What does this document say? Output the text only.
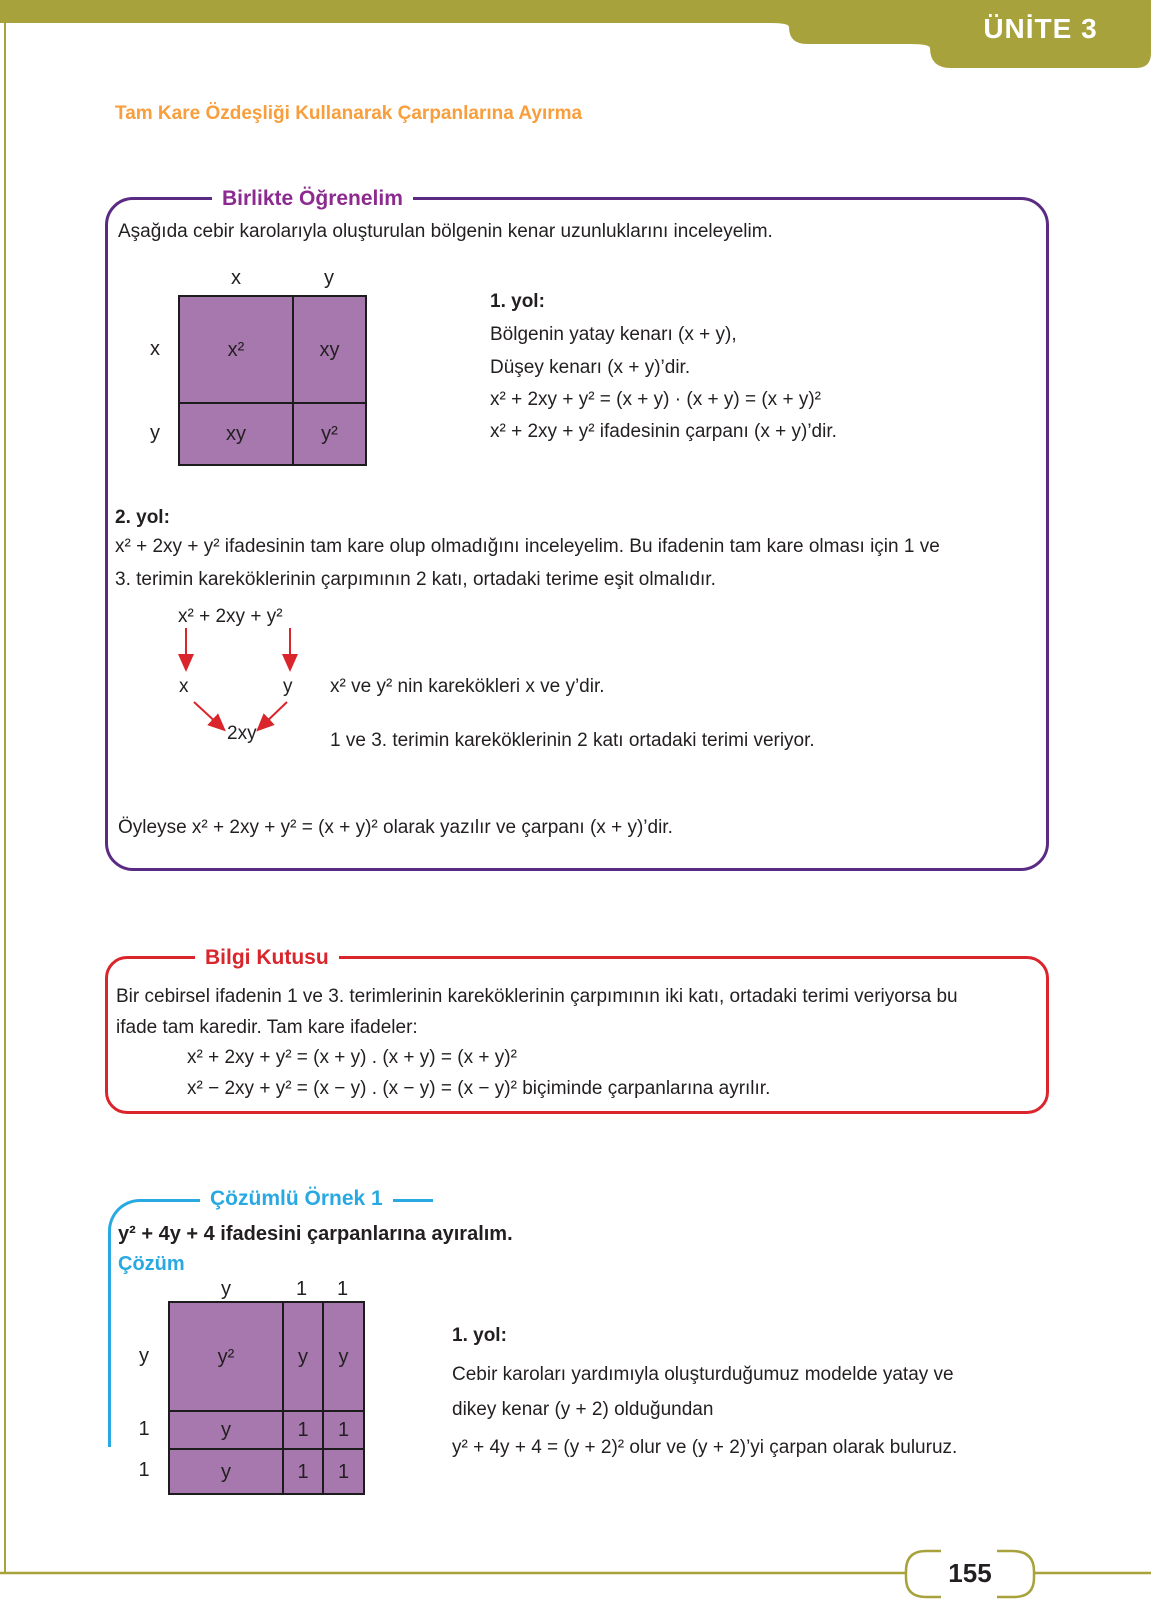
ÜNİTE 3
Tam Kare Özdeşliği Kullanarak Çarpanlarına Ayırma
Birlikte Öğrenelim
Aşağıda cebir karolarıyla oluşturulan bölgenin kenar uzunluklarını inceleyelim.
x	y
x
y
x²	xy
xy	y²
1. yol:
Bölgenin yatay kenarı (x + y),
Düşey kenarı (x + y)’dir.
x² + 2xy + y² = (x + y) · (x + y) = (x + y)²
x² + 2xy + y² ifadesinin çarpanı (x + y)’dir.
2. yol:
x² + 2xy + y² ifadesinin tam kare olup olmadığını inceleyelim. Bu ifadenin tam kare olması için 1 ve
3. terimin kareköklerinin çarpımının 2 katı, ortadaki terime eşit olmalıdır.
x² + 2xy + y²
x	y x² ve y² nin karekökleri x ve y’dir.
2xy	1 ve 3. terimin kareköklerinin 2 katı ortadaki terimi veriyor.
Öyleyse x² + 2xy + y² = (x + y)² olarak yazılır ve çarpanı (x + y)’dir.
Bilgi Kutusu
Bir cebirsel ifadenin 1 ve 3. terimlerinin kareköklerinin çarpımının iki katı, ortadaki terimi veriyorsa bu
ifade tam karedir. Tam kare ifadeler:
x² + 2xy + y² = (x + y) . (x + y) = (x + y)²
x² − 2xy + y² = (x − y) . (x − y) = (x − y)² biçiminde çarpanlarına ayrılır.
Çözümlü Örnek 1
y² + 4y + 4 ifadesini çarpanlarına ayıralım.
Çözüm
y	1	1
y
1
1
y²	y	y
y	1	1
y	1	1
1. yol:
Cebir karoları yardımıyla oluşturduğumuz modelde yatay ve
dikey kenar (y + 2) olduğundan
y² + 4y + 4 = (y + 2)² olur ve (y + 2)’yi çarpan olarak buluruz.
155
